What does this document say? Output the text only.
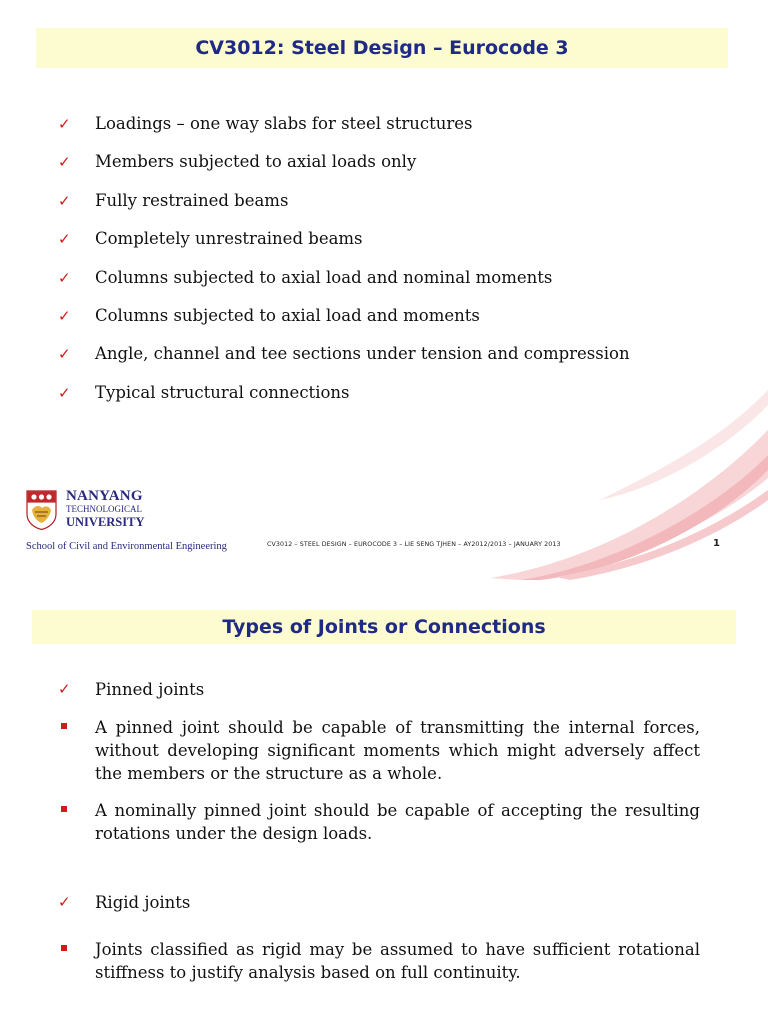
CV3012: Steel Design – Eurocode 3
✓	Loadings – one way slabs for steel structures
✓	Members subjected to axial loads only
✓	Fully restrained beams
✓	Completely unrestrained beams
✓	Columns subjected to axial load and nominal moments
✓	Columns subjected to axial load and moments
✓	Angle, channel and tee sections under tension and compression
✓	Typical structural connections
NANYANG
TECHNOLOGICAL
UNIVERSITY
School of Civil and Environmental Engineering	CV3012 – STEEL DESIGN – EUROCODE 3 – LIE SENG TJHEN – AY2012/2013 – JANUARY 2013	1
Types of Joints or Connections
✓	Pinned joints
A pinned joint should be capable of transmitting the internal forces, without developing significant moments which might adversely affect the members or the structure as a whole.
A nominally pinned joint should be capable of accepting the resulting rotations under the design loads.
✓	Rigid joints
Joints classified as rigid may be assumed to have sufficient rotational stiffness to justify analysis based on full continuity.
